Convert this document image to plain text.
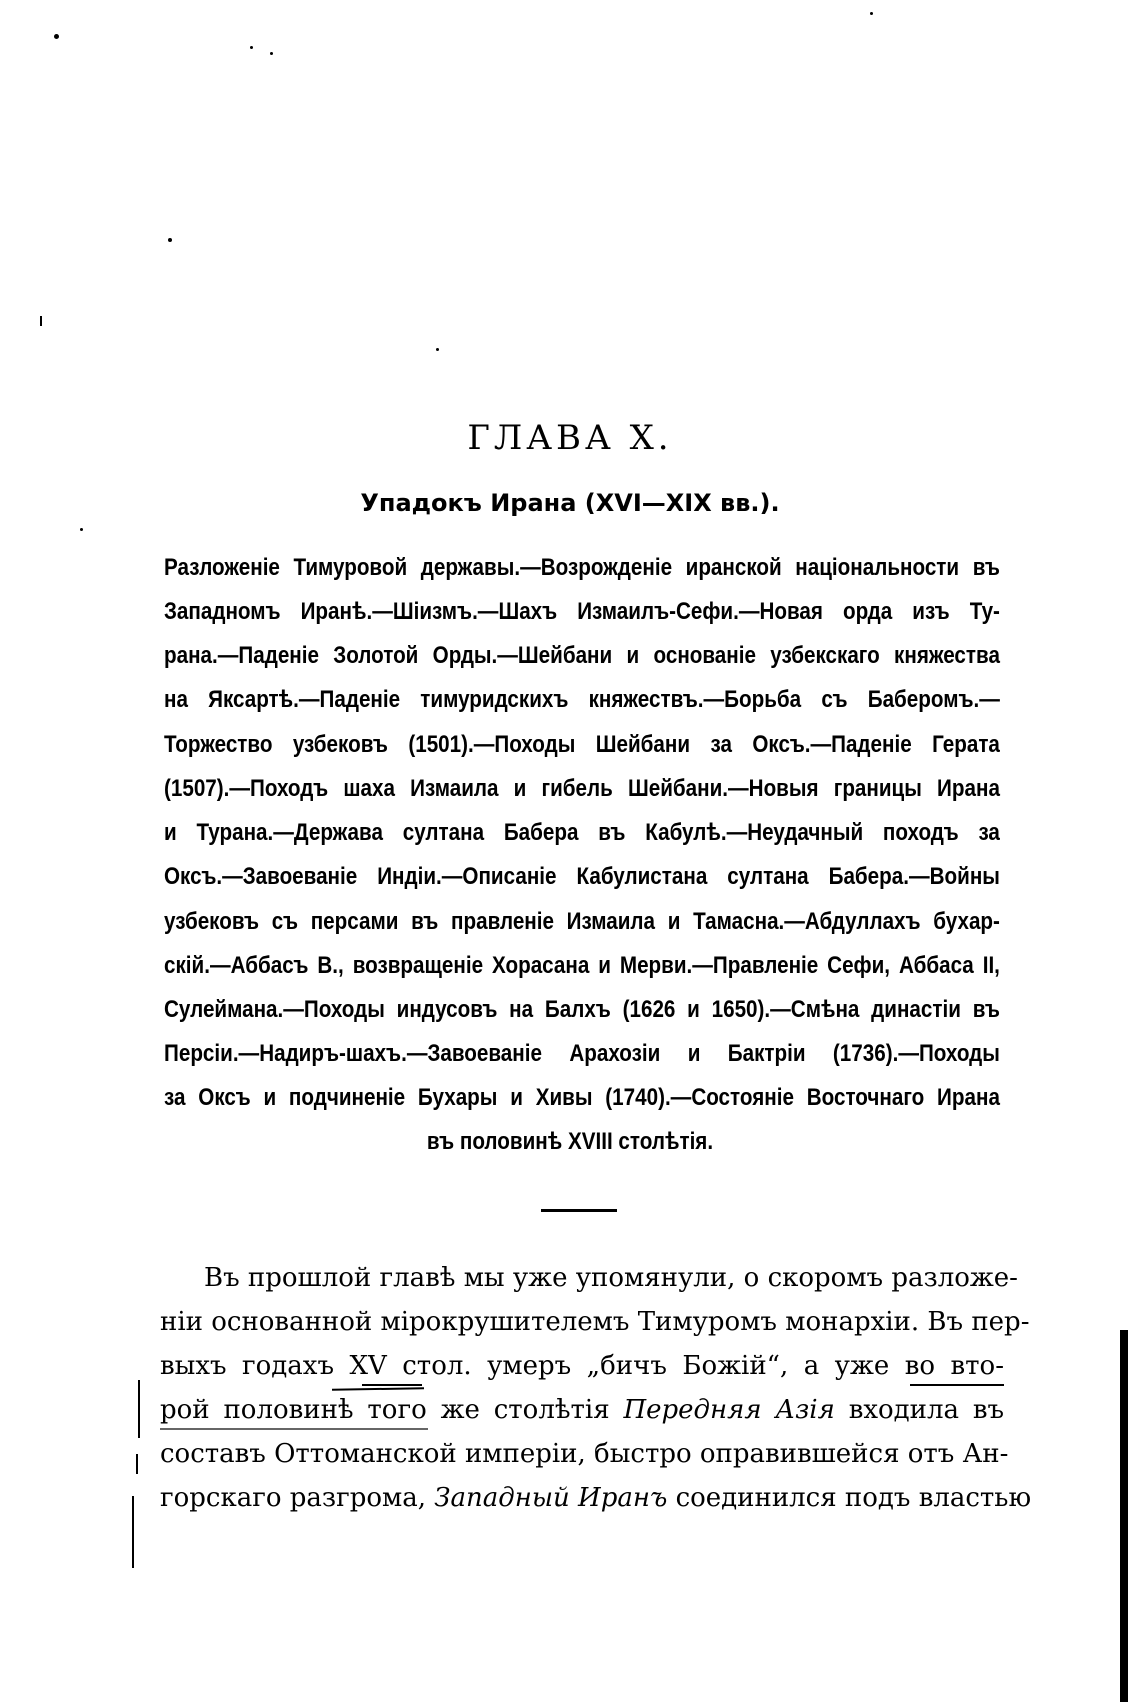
ГЛАВА X.
Упадокъ Ирана (XVI—XIX вв.).
Разложеніе Тимуровой державы.—Возрожденіе иранской національности въ
Западномъ Иранѣ.—Шіизмъ.—Шахъ Измаилъ-Сефи.—Новая орда изъ Ту-
рана.—Паденіе Золотой Орды.—Шейбани и основаніе узбекскаго княжества
на Яксартѣ.—Паденіе тимуридскихъ княжествъ.—Борьба съ Баберомъ.—
Торжество узбековъ (1501).—Походы Шейбани за Оксъ.—Паденіе Герата
(1507).—Походъ шаха Измаила и гибель Шейбани.—Новыя границы Ирана
и Турана.—Держава султана Бабера въ Кабулѣ.—Неудачный походъ за
Оксъ.—Завоеваніе Индіи.—Описаніе Кабулистана султана Бабера.—Войны
узбековъ съ персами въ правленіе Измаила и Тамасна.—Абдуллахъ бухар-
скій.—Аббасъ В., возвращеніе Хорасана и Мерви.—Правленіе Сефи, Аббаса II,
Сулеймана.—Походы индусовъ на Балхъ (1626 и 1650).—Смѣна династіи въ
Персіи.—Надиръ-шахъ.—Завоеваніе Арахозіи и Бактріи (1736).—Походы
за Оксъ и подчиненіе Бухары и Хивы (1740).—Состояніе Восточнаго Ирана
въ половинѣ XVIII столѣтія.
Въ прошлой главѣ мы уже упомянули, о скоромъ разложе-
ніи основанной міpокрушителемъ Тимуромъ монархіи. Въ пер-
выхъ годахъ XV стол. умеръ „бичъ Божій“, а уже во вто-
рой половинѣ того же столѣтія Передняя Азія входила въ
составъ Оттоманской имперіи, быстро оправившейся отъ Ан-
горскаго разгрома, Западный Иранъ соединился подъ властью
